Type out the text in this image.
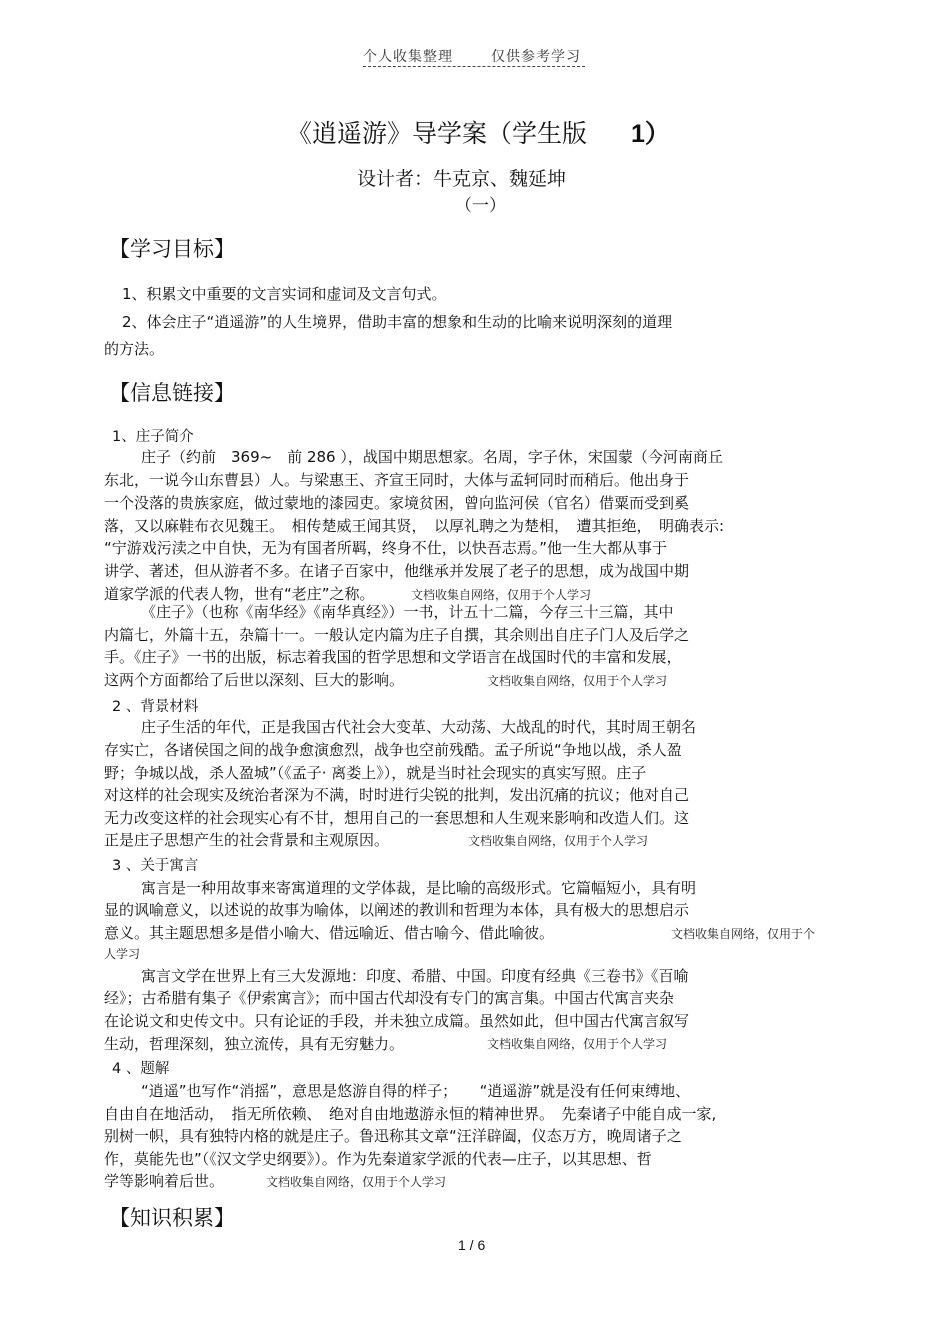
个人收集整理	仅供参考学习
《逍遥游》导学案（学生版 1）
设计者：牛克京、魏延坤
（一）
【学习目标】
1、积累文中重要的文言实词和虚词及文言句式。
2、体会庄子“逍遥游”的人生境界，借助丰富的想象和生动的比喻来说明深刻的道理
的方法。
【信息链接】
1、庄子简介
庄子（约前　369~　前 286 ），战国中期思想家。名周，字子休，宋国蒙（今河南商丘
东北，一说今山东曹县）人。与梁惠王、齐宣王同时，大体与孟轲同时而稍后。他出身于
一个没落的贵族家庭，做过蒙地的漆园吏。家境贫困，曾向监河侯（官名）借粟而受到奚
落，又以麻鞋布衣见魏王。　相传楚威王闻其贤，　以厚礼聘之为楚相，　遭其拒绝，　明确表示:
“宁游戏污渎之中自快，无为有国者所羁，终身不仕，以快吾志焉。”他一生大都从事于
讲学、著述，但从游者不多。在诸子百家中，他继承并发展了老子的思想，成为战国中期
道家学派的代表人物，世有“老庄”之称。	文档收集自网络，仅用于个人学习
《庄子》（也称《南华经》《南华真经》）一书，计五十二篇，今存三十三篇，其中
内篇七，外篇十五，杂篇十一。一般认定内篇为庄子自撰，其余则出自庄子门人及后学之
手。《庄子》一书的出版，标志着我国的哲学思想和文学语言在战国时代的丰富和发展，
这两个方面都给了后世以深刻、巨大的影响。	文档收集自网络，仅用于个人学习
2 、背景材料
庄子生活的年代，正是我国古代社会大变革、大动荡、大战乱的时代，其时周王朝名
存实亡，各诸侯国之间的战争愈演愈烈，战争也空前残酷。孟子所说“争地以战，杀人盈
野；争城以战，杀人盈城”（《孟子· 离娄上》），就是当时社会现实的真实写照。庄子
对这样的社会现实及统治者深为不满，时时进行尖锐的批判，发出沉痛的抗议；他对自己
无力改变这样的社会现实心有不甘，想用自己的一套思想和人生观来影响和改造人们。这
正是庄子思想产生的社会背景和主观原因。	文档收集自网络，仅用于个人学习
3 、关于寓言
寓言是一种用故事来寄寓道理的文学体裁，是比喻的高级形式。它篇幅短小，具有明
显的讽喻意义，以述说的故事为喻体，以阐述的教训和哲理为本体，具有极大的思想启示
意义。其主题思想多是借小喻大、借远喻近、借古喻今、借此喻彼。	文档收集自网络，仅用于个
人学习
寓言文学在世界上有三大发源地：印度、希腊、中国。印度有经典《三卷书》《百喻
经》；古希腊有集子《伊索寓言》；而中国古代却没有专门的寓言集。中国古代寓言夹杂
在论说文和史传文中。只有论证的手段，并未独立成篇。虽然如此，但中国古代寓言叙写
生动，哲理深刻，独立流传，具有无穷魅力。	文档收集自网络，仅用于个人学习
4 、题解
“逍遥”也写作“消摇”，意思是悠游自得的样子；　　“逍遥游”就是没有任何束缚地、
自由自在地活动，　指无所依赖、　绝对自由地遨游永恒的精神世界。　先秦诸子中能自成一家,
别树一帜，具有独特内格的就是庄子。鲁迅称其文章“汪洋辟阖，仪态万方，晚周诸子之
作，莫能先也”（《汉文学史纲要》）。作为先秦道家学派的代表—庄子，以其思想、哲
学等影响着后世。	文档收集自网络，仅用于个人学习
【知识积累】
1 / 6
